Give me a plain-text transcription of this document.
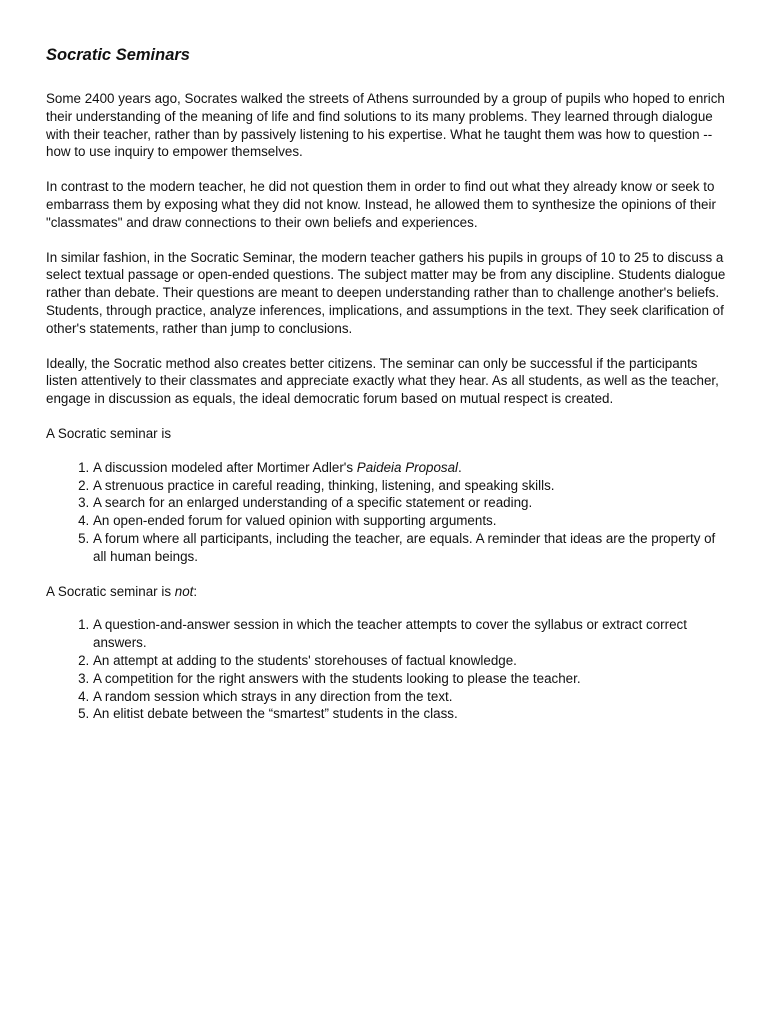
Socratic Seminars

Some 2400 years ago, Socrates walked the streets of Athens surrounded by a group of pupils who hoped to enrich their understanding of the meaning of life and find solutions to its many problems. They learned through dialogue with their teacher, rather than by passively listening to his expertise. What he taught them was how to question -- how to use inquiry to empower themselves.

In contrast to the modern teacher, he did not question them in order to find out what they already know or seek to embarrass them by exposing what they did not know. Instead, he allowed them to synthesize the opinions of their "classmates" and draw connections to their own beliefs and experiences.

In similar fashion, in the Socratic Seminar, the modern teacher gathers his pupils in groups of 10 to 25 to discuss a select textual passage or open-ended questions. The subject matter may be from any discipline. Students dialogue rather than debate. Their questions are meant to deepen understanding rather than to challenge another's beliefs. Students, through practice, analyze inferences, implications, and assumptions in the text. They seek clarification of other's statements, rather than jump to conclusions.

Ideally, the Socratic method also creates better citizens. The seminar can only be successful if the participants listen attentively to their classmates and appreciate exactly what they hear. As all students, as well as the teacher, engage in discussion as equals, the ideal democratic forum based on mutual respect is created.

A Socratic seminar is

1. A discussion modeled after Mortimer Adler's Paideia Proposal.
2. A strenuous practice in careful reading, thinking, listening, and speaking skills.
3. A search for an enlarged understanding of a specific statement or reading.
4. An open-ended forum for valued opinion with supporting arguments.
5. A forum where all participants, including the teacher, are equals. A reminder that ideas are the property of all human beings.

A Socratic seminar is not:

1. A question-and-answer session in which the teacher attempts to cover the syllabus or extract correct answers.
2. An attempt at adding to the students' storehouses of factual knowledge.
3. A competition for the right answers with the students looking to please the teacher.
4. A random session which strays in any direction from the text.
5. An elitist debate between the “smartest” students in the class.
